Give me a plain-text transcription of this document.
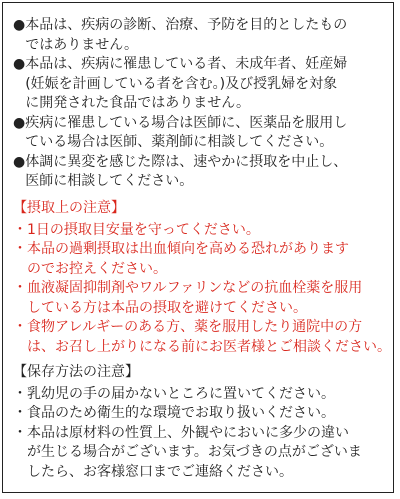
● 本品は、疾病の診断、治療、予防を目的としたもの
ではありません。
● 本品は、疾病に罹患している者、未成年者、妊産婦
(妊娠を計画している者を含む。)及び授乳婦を対象
に開発された食品ではありません。
● 疾病に罹患している場合は医師に、医薬品を服用し
ている場合は医師、薬剤師に相談してください。
● 体調に異変を感じた際は、速やかに摂取を中止し、
医師に相談してください。
【摂取上の注意】
・ 1日の摂取目安量を守ってください。
・ 本品の過剰摂取は出血傾向を高める恐れがあります
のでお控えください。
・ 血液凝固抑制剤やワルファリンなどの抗血栓薬を服用
している方は本品の摂取を避けてください。
・ 食物アレルギーのある方、薬を服用したり通院中の方
は、お召し上がりになる前にお医者様とご相談ください。
【保存方法の注意】
・ 乳幼児の手の届かないところに置いてください。
・ 食品のため衛生的な環境でお取り扱いください。
・ 本品は原材料の性質上、外観やにおいに多少の違い
が生じる場合がございます。お気づきの点がございま
したら、お客様窓口までご連絡ください。
